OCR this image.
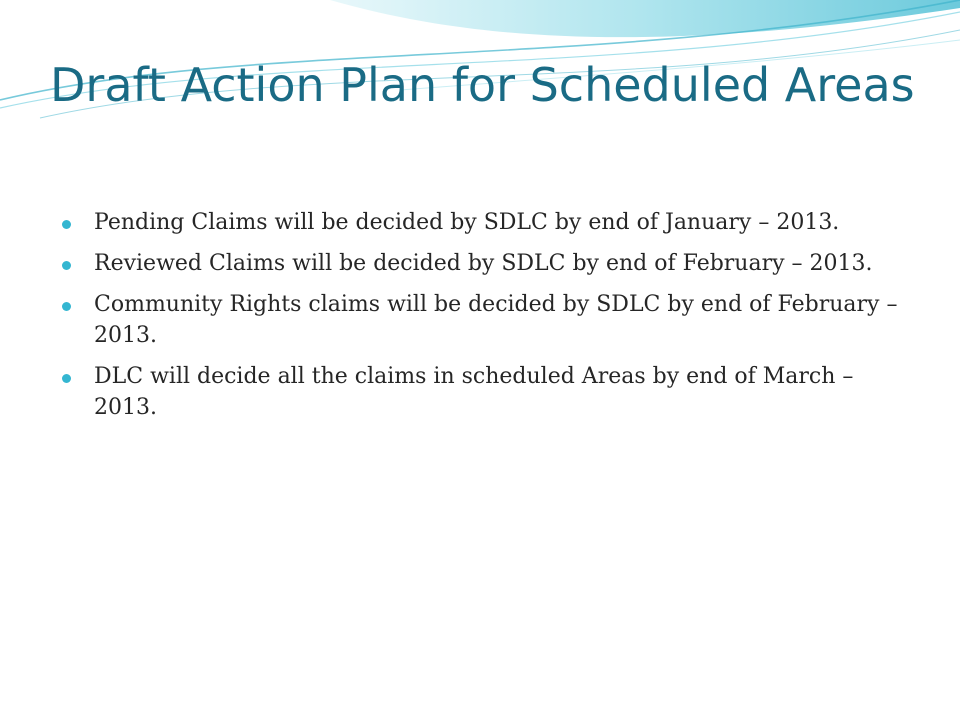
Draft Action Plan for Scheduled Areas
Pending Claims will be decided by SDLC by end of January – 2013.
Reviewed Claims will be decided by SDLC by end of February – 2013.
Community Rights claims will be decided by SDLC by end of February – 2013.
DLC will decide all the claims in scheduled Areas by end of March – 2013.
